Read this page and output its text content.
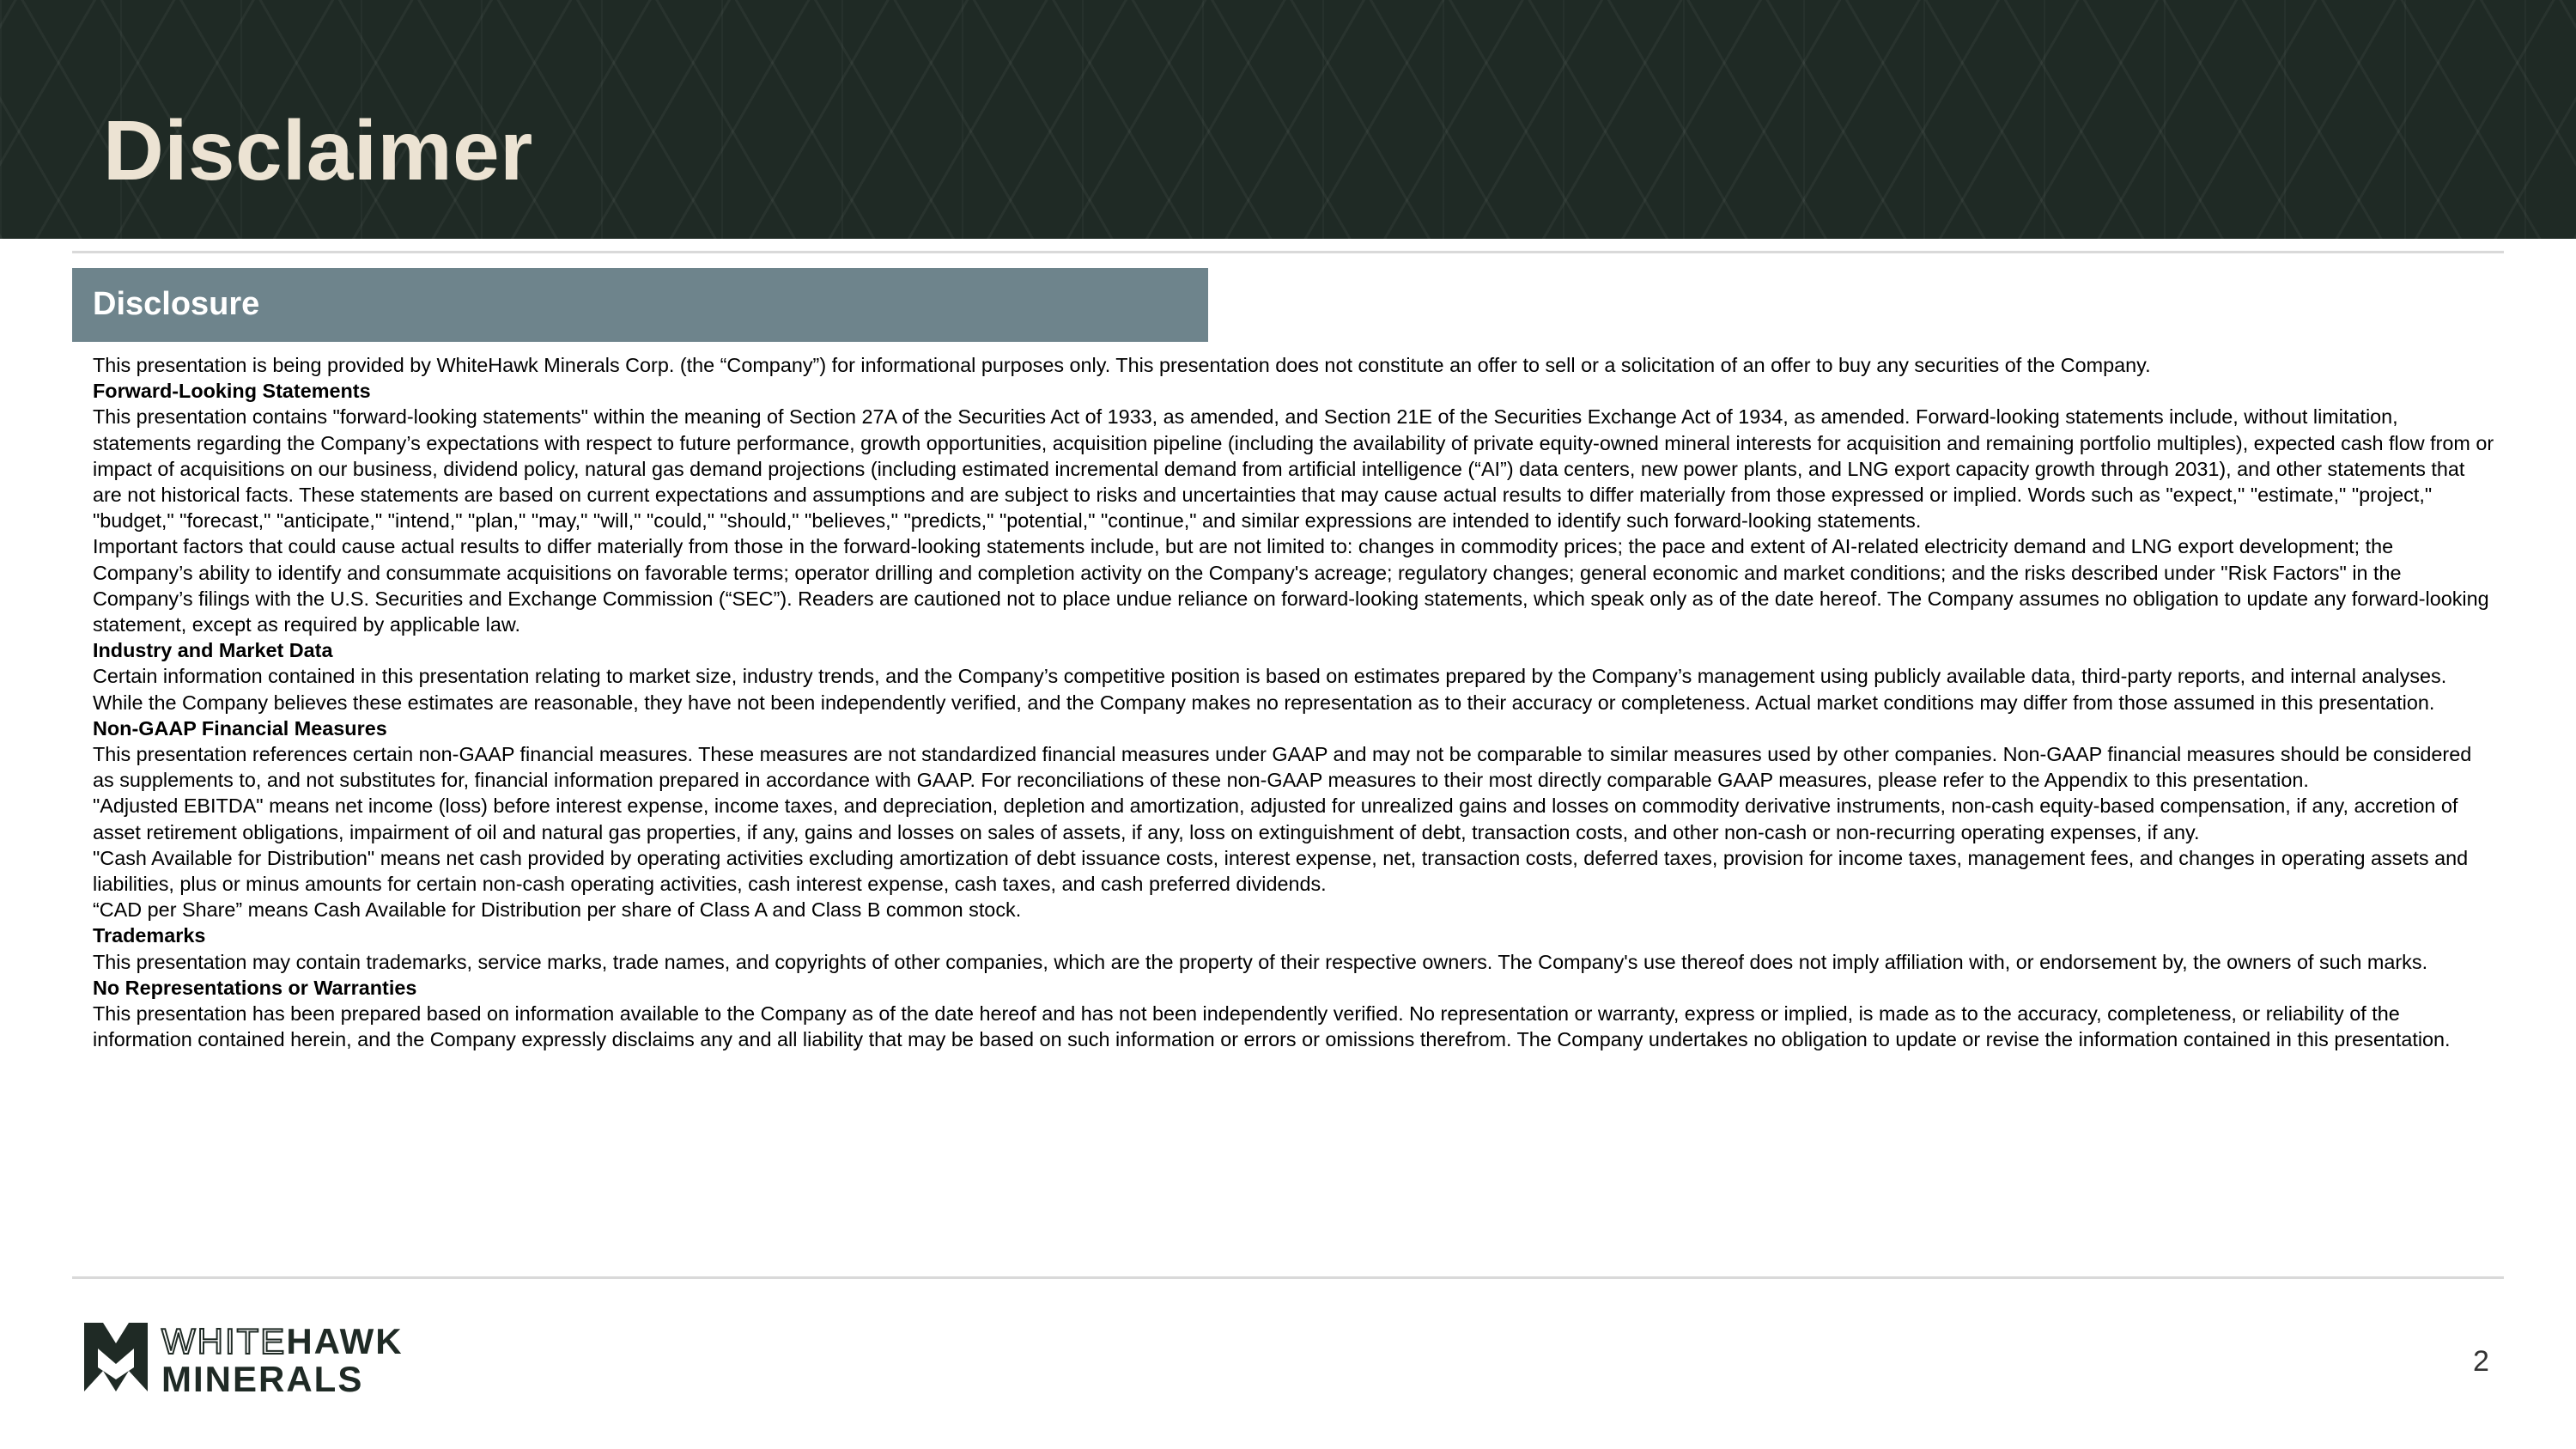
Disclaimer
Disclosure

This presentation is being provided by WhiteHawk Minerals Corp. (the “Company”) for informational purposes only. This presentation does not constitute an offer to sell or a solicitation of an offer to buy any securities of the Company.

Forward-Looking Statements

This presentation contains "forward-looking statements" within the meaning of Section 27A of the Securities Act of 1933, as amended, and Section 21E of the Securities Exchange Act of 1934, as amended. Forward-looking statements include, without limitation, statements regarding the Company’s expectations with respect to future performance, growth opportunities, acquisition pipeline (including the availability of private equity-owned mineral interests for acquisition and remaining portfolio multiples), expected cash flow from or impact of acquisitions on our business, dividend policy, natural gas demand projections (including estimated incremental demand from artificial intelligence (“AI”) data centers, new power plants, and LNG export capacity growth through 2031), and other statements that are not historical facts. These statements are based on current expectations and assumptions and are subject to risks and uncertainties that may cause actual results to differ materially from those expressed or implied. Words such as "expect," "estimate," "project," "budget," "forecast," "anticipate," "intend," "plan," "may," "will," "could," "should," "believes," "predicts," "potential," "continue," and similar expressions are intended to identify such forward-looking statements.

Important factors that could cause actual results to differ materially from those in the forward-looking statements include, but are not limited to: changes in commodity prices; the pace and extent of AI-related electricity demand and LNG export development; the Company’s ability to identify and consummate acquisitions on favorable terms; operator drilling and completion activity on the Company's acreage; regulatory changes; general economic and market conditions; and the risks described under "Risk Factors" in the Company’s filings with the U.S. Securities and Exchange Commission (“SEC”). Readers are cautioned not to place undue reliance on forward-looking statements, which speak only as of the date hereof. The Company assumes no obligation to update any forward-looking statement, except as required by applicable law.

Industry and Market Data

Certain information contained in this presentation relating to market size, industry trends, and the Company’s competitive position is based on estimates prepared by the Company’s management using publicly available data, third-party reports, and internal analyses. While the Company believes these estimates are reasonable, they have not been independently verified, and the Company makes no representation as to their accuracy or completeness. Actual market conditions may differ from those assumed in this presentation.

Non-GAAP Financial Measures

This presentation references certain non-GAAP financial measures. These measures are not standardized financial measures under GAAP and may not be comparable to similar measures used by other companies. Non-GAAP financial measures should be considered as supplements to, and not substitutes for, financial information prepared in accordance with GAAP. For reconciliations of these non-GAAP measures to their most directly comparable GAAP measures, please refer to the Appendix to this presentation.

"Adjusted EBITDA" means net income (loss) before interest expense, income taxes, and depreciation, depletion and amortization, adjusted for unrealized gains and losses on commodity derivative instruments, non-cash equity-based compensation, if any, accretion of asset retirement obligations, impairment of oil and natural gas properties, if any, gains and losses on sales of assets, if any, loss on extinguishment of debt, transaction costs, and other non-cash or non-recurring operating expenses, if any.

"Cash Available for Distribution" means net cash provided by operating activities excluding amortization of debt issuance costs, interest expense, net, transaction costs, deferred taxes, provision for income taxes, management fees, and changes in operating assets and liabilities, plus or minus amounts for certain non-cash operating activities, cash interest expense, cash taxes, and cash preferred dividends.

“CAD per Share” means Cash Available for Distribution per share of Class A and Class B common stock.

Trademarks

This presentation may contain trademarks, service marks, trade names, and copyrights of other companies, which are the property of their respective owners. The Company's use thereof does not imply affiliation with, or endorsement by, the owners of such marks.

No Representations or Warranties

This presentation has been prepared based on information available to the Company as of the date hereof and has not been independently verified. No representation or warranty, express or implied, is made as to the accuracy, completeness, or reliability of the information contained herein, and the Company expressly disclaims any and all liability that may be based on such information or errors or omissions therefrom. The Company undertakes no obligation to update or revise the information contained in this presentation.

WHITEHAWK
MINERALS	2
